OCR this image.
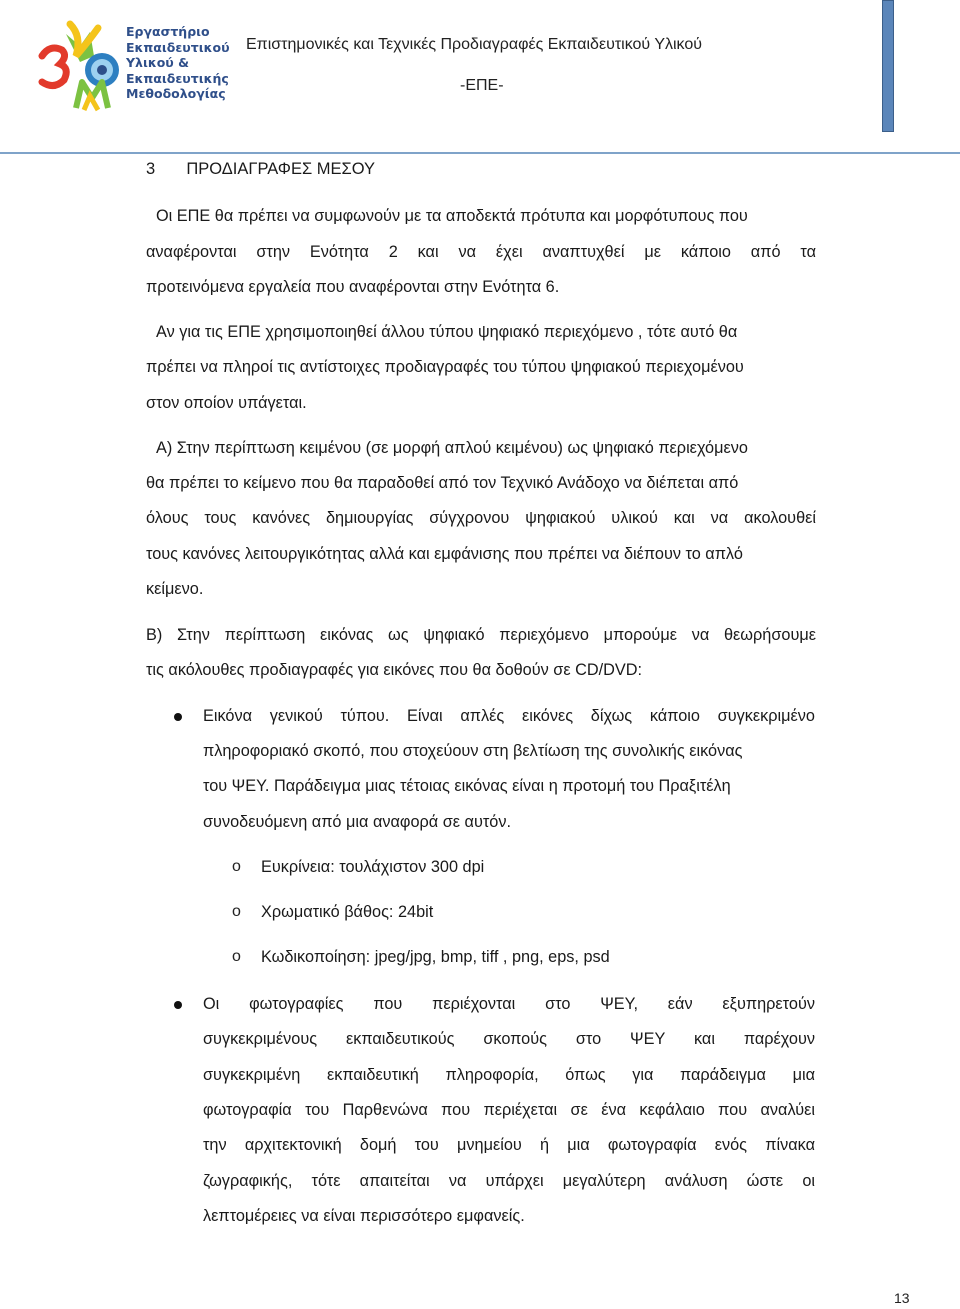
Εργαστήριο
Εκπαιδευτικού
Υλικού &
Εκπαιδευτικής
Μεθοδολογίας
Επιστημονικές και Τεχνικές Προδιαγραφές Εκπαιδευτικού Υλικού
-ΕΠΕ-
3 ΠΡΟΔΙΑΓΡΑΦΕΣ ΜΕΣΟΥ
Οι ΕΠΕ θα πρέπει να συμφωνούν με τα αποδεκτά πρότυπα και μορφότυπους που
αναφέρονται στην Ενότητα 2 και να έχει αναπτυχθεί με κάποιο από τα
προτεινόμενα εργαλεία που αναφέρονται στην Ενότητα 6.
Αν για τις ΕΠΕ χρησιμοποιηθεί άλλου τύπου ψηφιακό περιεχόμενο , τότε αυτό θα
πρέπει να πληροί τις αντίστοιχες προδιαγραφές του τύπου ψηφιακού περιεχομένου
στον οποίον υπάγεται.
Α) Στην περίπτωση κειμένου (σε μορφή απλού κειμένου) ως ψηφιακό περιεχόμενο
θα πρέπει το κείμενο που θα παραδοθεί από τον Τεχνικό Ανάδοχο να διέπεται από
όλους τους κανόνες δημιουργίας σύγχρονου ψηφιακού υλικού και να ακολουθεί
τους κανόνες λειτουργικότητας αλλά και εμφάνισης που πρέπει να διέπουν το απλό
κείμενο.
Β) Στην περίπτωση εικόνας ως ψηφιακό περιεχόμενο μπορούμε να θεωρήσουμε
τις ακόλουθες προδιαγραφές για εικόνες που θα δοθούν σε CD/DVD:
Εικόνα γενικού τύπου. Είναι απλές εικόνες δίχως κάποιο συγκεκριμένο
πληροφοριακό σκοπό, που στοχεύουν στη βελτίωση της συνολικής εικόνας
του ΨΕΥ. Παράδειγμα μιας τέτοιας εικόνας είναι η προτομή του Πραξιτέλη
συνοδευόμενη από μια αναφορά σε αυτόν.
o Ευκρίνεια: τουλάχιστον 300 dpi
o Χρωματικό βάθος: 24bit
o Κωδικοποίηση: jpeg/jpg, bmp, tiff , png, eps, psd
Οι φωτογραφίες που περιέχονται στο ΨΕΥ, εάν εξυπηρετούν
συγκεκριμένους εκπαιδευτικούς σκοπούς στο ΨΕΥ και παρέχουν
συγκεκριμένη εκπαιδευτική πληροφορία, όπως για παράδειγμα μια
φωτογραφία του Παρθενώνα που περιέχεται σε ένα κεφάλαιο που αναλύει
την αρχιτεκτονική δομή του μνημείου ή μια φωτογραφία ενός πίνακα
ζωγραφικής, τότε απαιτείται να υπάρχει μεγαλύτερη ανάλυση ώστε οι
λεπτομέρειες να είναι περισσότερο εμφανείς.
13
